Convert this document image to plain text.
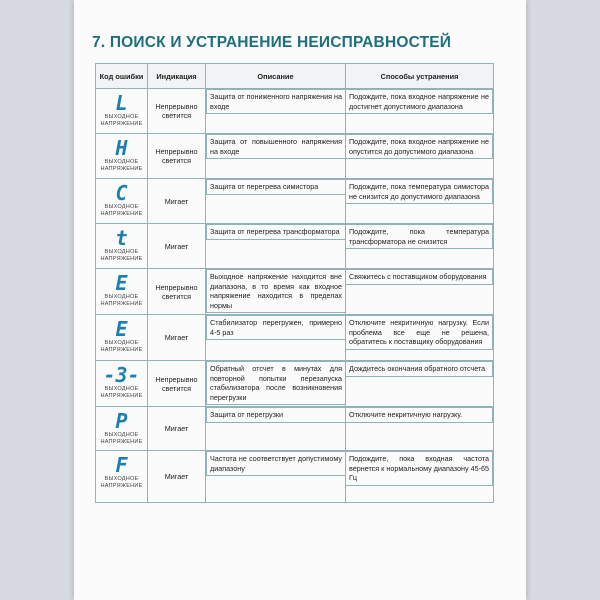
7. ПОИСК И УСТРАНЕНИЕ НЕИСПРАВНОСТЕЙ
Код ошибки	Индикация	Описание	Способы устранения

L
ВЫХОДНОЕ НАПРЯЖЕНИЕ	Непрерывно светится	Защита от пониженного напряжения на входе	Подождите, пока входное напряжение не достигнет допустимого диапазона

H
ВЫХОДНОЕ НАПРЯЖЕНИЕ	Непрерывно светится	Защита от повышенного напряжения на входе	Подождите, пока входное напряжение не опустится до допустимого диапазона

C
ВЫХОДНОЕ НАПРЯЖЕНИЕ	Мигает	Защита от перегрева симистора	Подождите, пока температура симистора не снизится до допустимого диапазона

t
ВЫХОДНОЕ НАПРЯЖЕНИЕ	Мигает	Защита от перегрева трансформатора	Подождите, пока температура трансформатора не снизится

E
ВЫХОДНОЕ НАПРЯЖЕНИЕ	Непрерывно светится	Выходное напряжение находится вне диапазона, в то время как входное напряжение находится в пределах нормы	Свяжитесь с поставщиком оборудования

E
ВЫХОДНОЕ НАПРЯЖЕНИЕ	Мигает	Стабилизатор перегружен, примерно 4-5 раз	Отключите некритичную нагрузку. Если проблема все еще не решена, обратитесь к поставщику оборудования

-3-
ВЫХОДНОЕ НАПРЯЖЕНИЕ	Непрерывно светится	Обратный отсчет в минутах для повторной попытки перезапуска стабилизатора после возникновения перегрузки	Дождитесь окончания обратного отсчета

P
ВЫХОДНОЕ НАПРЯЖЕНИЕ	Мигает	Защита от перегрузки	Отключите некритичную нагрузку.

F
ВЫХОДНОЕ НАПРЯЖЕНИЕ	Мигает	Частота не соответствует допустимому диапазону	Подождите, пока входная частота вернется к нормальному диапазону 45-65 Гц
